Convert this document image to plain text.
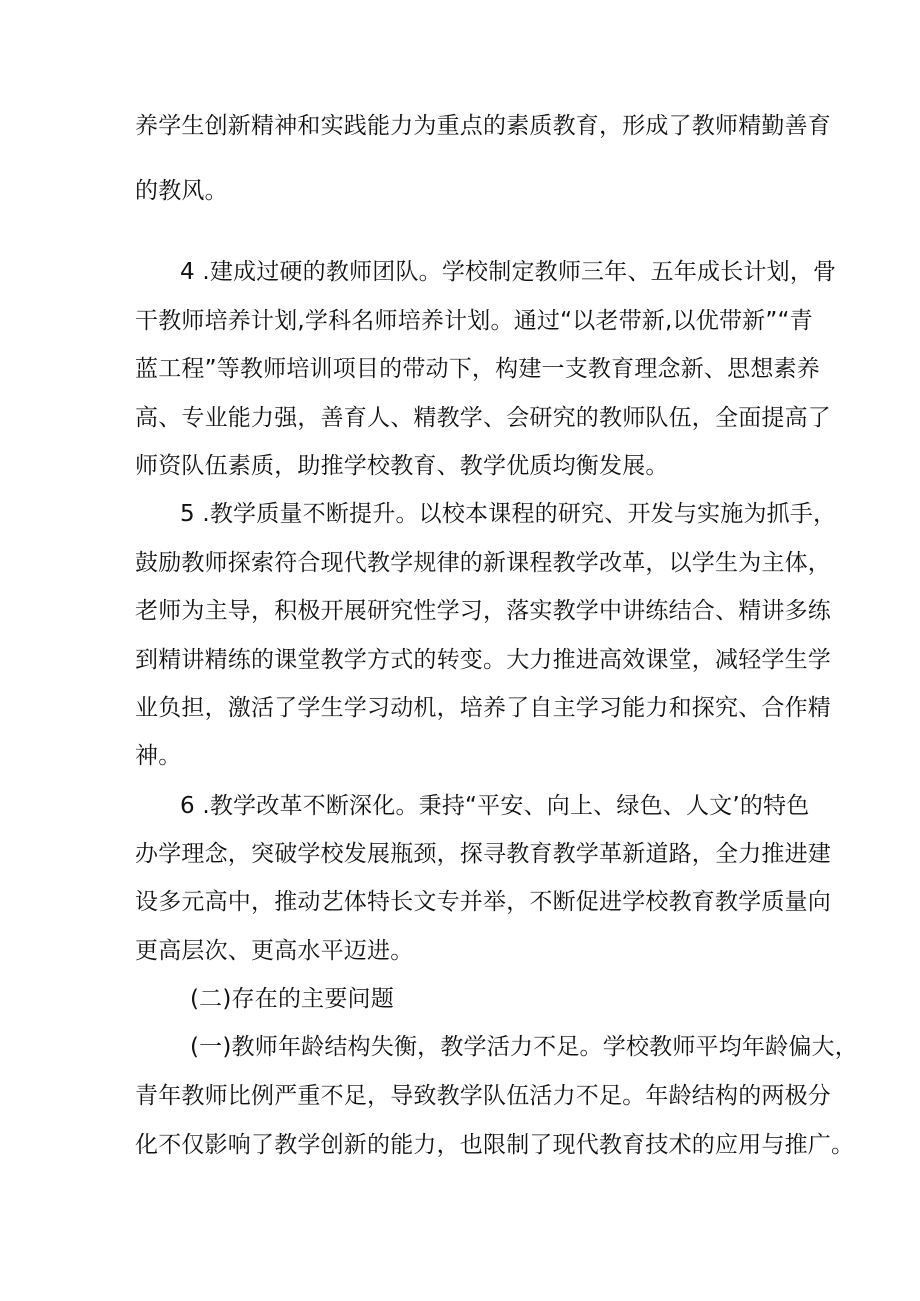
养学生创新精神和实践能力为重点的素质教育，形成了教师精勤善育
的教风。
4 .建成过硬的教师团队。学校制定教师三年、五年成长计划，骨
干教师培养计划,学科名师培养计划。通过“以老带新,以优带新”“青
蓝工程”等教师培训项目的带动下，构建一支教育理念新、思想素养
高、专业能力强，善育人、精教学、会研究的教师队伍，全面提高了
师资队伍素质，助推学校教育、教学优质均衡发展。
5 .教学质量不断提升。以校本课程的研究、开发与实施为抓手，
鼓励教师探索符合现代教学规律的新课程教学改革，以学生为主体，
老师为主导，积极开展研究性学习，落实教学中讲练结合、精讲多练
到精讲精练的课堂教学方式的转变。大力推进高效课堂，减轻学生学
业负担，激活了学生学习动机，培养了自主学习能力和探究、合作精
神。
6 .教学改革不断深化。秉持“平安、向上、绿色、人文’的特色
办学理念，突破学校发展瓶颈，探寻教育教学革新道路，全力推进建
设多元高中，推动艺体特长文专并举，不断促进学校教育教学质量向
更高层次、更高水平迈进。
(二)存在的主要问题
(一)教师年龄结构失衡，教学活力不足。学校教师平均年龄偏大，
青年教师比例严重不足，导致教学队伍活力不足。年龄结构的两极分
化不仅影响了教学创新的能力，也限制了现代教育技术的应用与推广。
